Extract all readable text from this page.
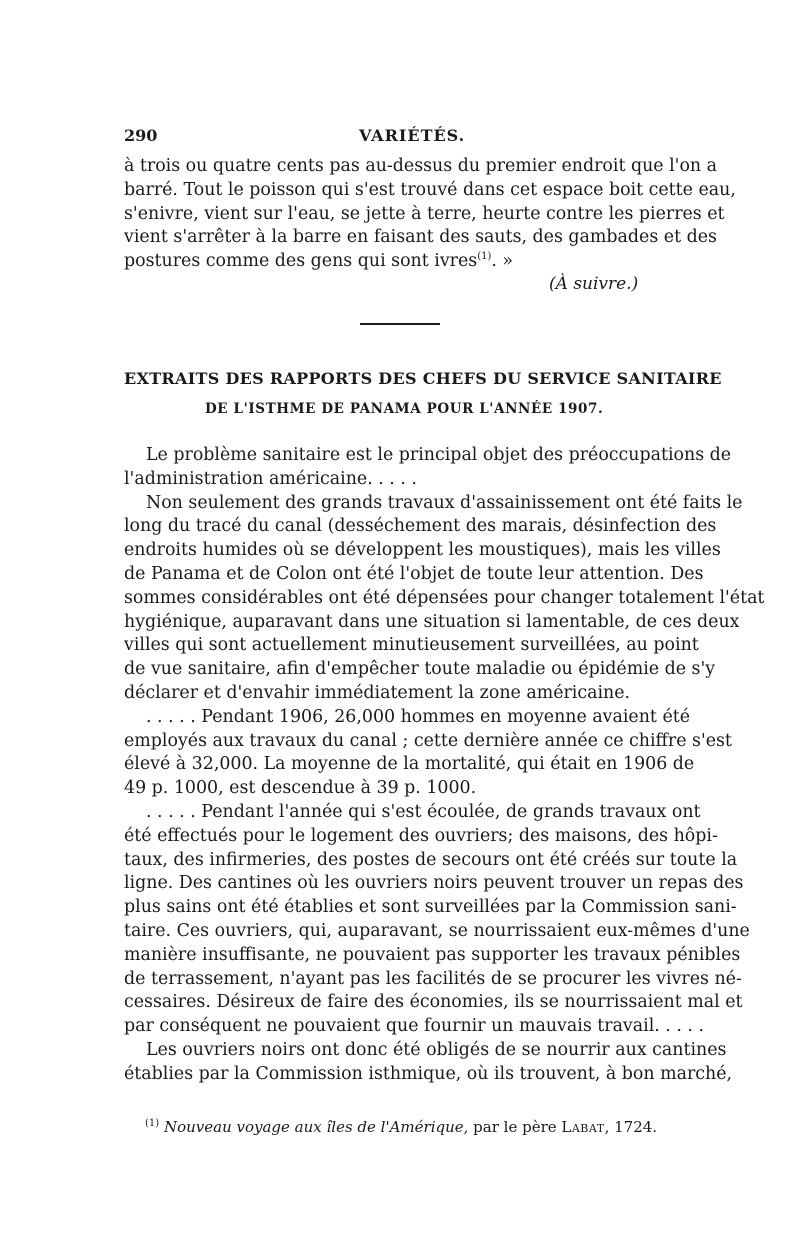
290	VARIÉTÉS.
à trois ou quatre cents pas au-dessus du premier endroit que l'on a
barré. Tout le poisson qui s'est trouvé dans cet espace boit cette eau,
s'enivre, vient sur l'eau, se jette à terre, heurte contre les pierres et
vient s'arrêter à la barre en faisant des sauts, des gambades et des
postures comme des gens qui sont ivres$^{(1)}$. »
(À suivre.)
EXTRAITS DES RAPPORTS DES CHEFS DU SERVICE SANITAIRE
DE L'ISTHME DE PANAMA POUR L'ANNÉE 1907.
Le problème sanitaire est le principal objet des préoccupations de
l'administration américaine. . . . .
Non seulement des grands travaux d'assainissement ont été faits le
long du tracé du canal (desséchement des marais, désinfection des
endroits humides où se développent les moustiques), mais les villes
de Panama et de Colon ont été l'objet de toute leur attention. Des
sommes considérables ont été dépensées pour changer totalement l'état
hygiénique, auparavant dans une situation si lamentable, de ces deux
villes qui sont actuellement minutieusement surveillées, au point
de vue sanitaire, afin d'empêcher toute maladie ou épidémie de s'y
déclarer et d'envahir immédiatement la zone américaine.
. . . . . Pendant 1906, 26,000 hommes en moyenne avaient été
employés aux travaux du canal ; cette dernière année ce chiffre s'est
élevé à 32,000. La moyenne de la mortalité, qui était en 1906 de
49 p. 1000, est descendue à 39 p. 1000.
. . . . . Pendant l'année qui s'est écoulée, de grands travaux ont
été effectués pour le logement des ouvriers; des maisons, des hôpi-
taux, des infirmeries, des postes de secours ont été créés sur toute la
ligne. Des cantines où les ouvriers noirs peuvent trouver un repas des
plus sains ont été établies et sont surveillées par la Commission sani-
taire. Ces ouvriers, qui, auparavant, se nourrissaient eux-mêmes d'une
manière insuffisante, ne pouvaient pas supporter les travaux pénibles
de terrassement, n'ayant pas les facilités de se procurer les vivres né-
cessaires. Désireux de faire des économies, ils se nourrissaient mal et
par conséquent ne pouvaient que fournir un mauvais travail. . . . .
Les ouvriers noirs ont donc été obligés de se nourrir aux cantines
établies par la Commission isthmique, où ils trouvent, à bon marché,
$^{(1)}$ Nouveau voyage aux îles de l'Amérique, par le père Labat, 1724.
